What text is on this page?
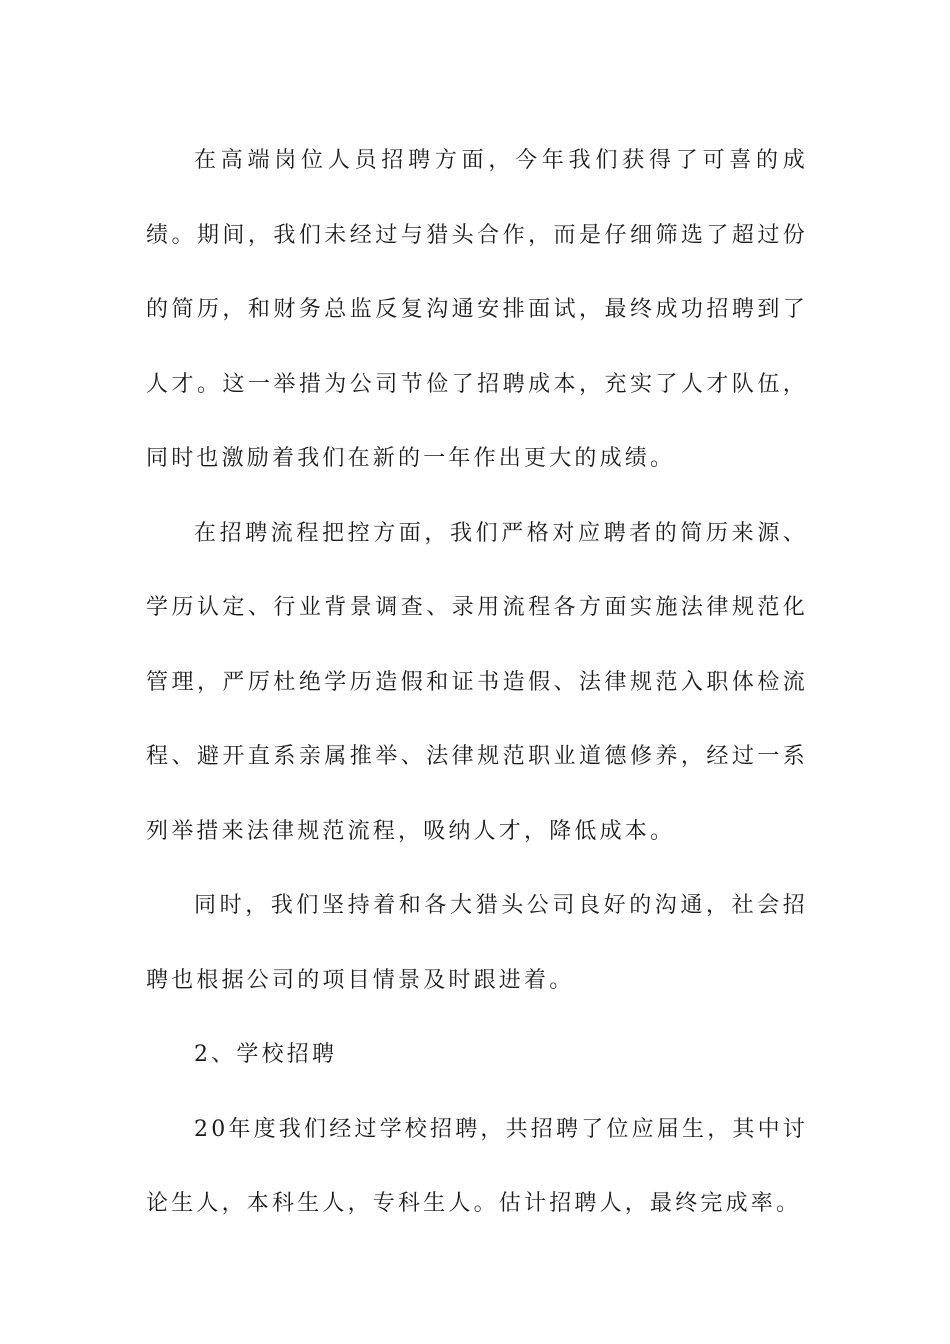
在高端岗位人员招聘方面，今年我们获得了可喜的成绩。期间，我们未经过与猎头合作，而是仔细筛选了超过份的简历，和财务总监反复沟通安排面试，最终成功招聘到了人才。这一举措为公司节俭了招聘成本，充实了人才队伍，同时也激励着我们在新的一年作出更大的成绩。

在招聘流程把控方面，我们严格对应聘者的简历来源、学历认定、行业背景调查、录用流程各方面实施法律规范化管理，严厉杜绝学历造假和证书造假、法律规范入职体检流程、避开直系亲属推举、法律规范职业道德修养，经过一系列举措来法律规范流程，吸纳人才，降低成本。

同时，我们坚持着和各大猎头公司良好的沟通，社会招聘也根据公司的项目情景及时跟进着。

2、学校招聘

20年度我们经过学校招聘，共招聘了位应届生，其中讨论生人，本科生人，专科生人。估计招聘人，最终完成率。
